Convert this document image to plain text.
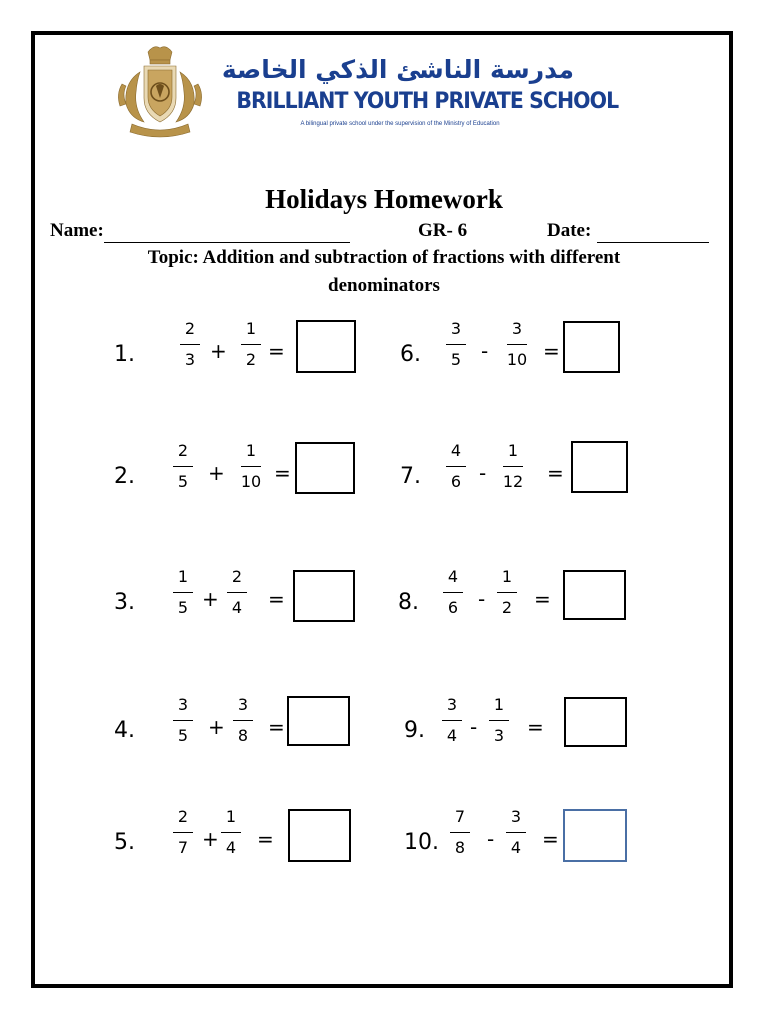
مدرسة الناشئ الذكي الخاصة
BRILLIANT YOUTH PRIVATE SCHOOL
A bilingual private school under the supervision of the Ministry of Education
Holidays Homework
Name:	GR- 6	Date:
Topic: Addition and subtraction of fractions with different
denominators
1.
2
3 +
1
2 =
2.
2
5 +
1
10 =
3.
1
5 +
2
4	=
4.
3
5 +
3
8 =
5.
2
7 +
1
4	=
6.
3
5 -
3
10 =
7.
4
6 -
1
12 =
8.
4
6 -
1
2	=
9.
3
4 -
1
3	=
10.
7
8	-
3
4	=
